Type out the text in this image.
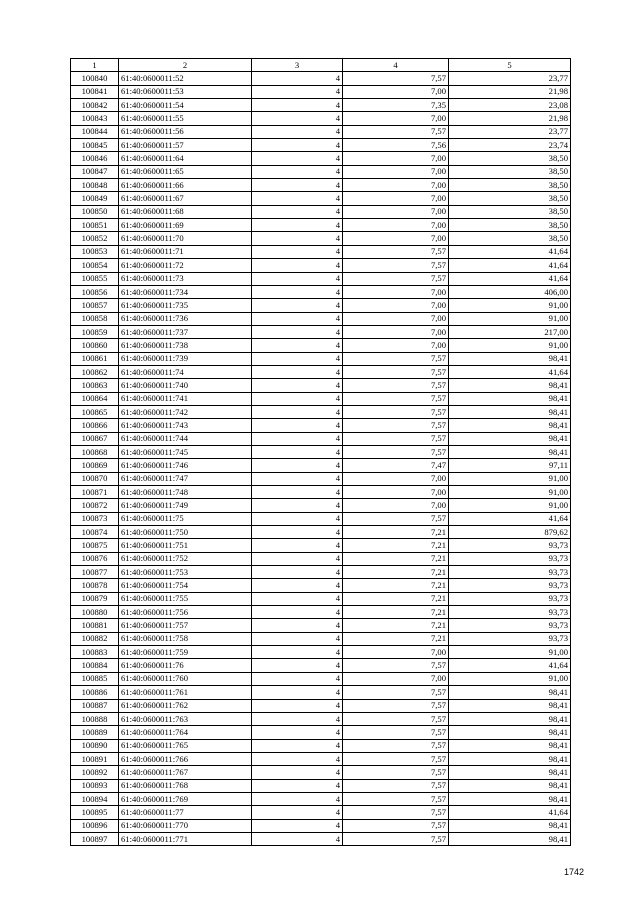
1	2	3	4	5
100840	61:40:0600011:52	4	7,57	23,77
100841	61:40:0600011:53	4	7,00	21,98
100842	61:40:0600011:54	4	7,35	23,08
100843	61:40:0600011:55	4	7,00	21,98
100844	61:40:0600011:56	4	7,57	23,77
100845	61:40:0600011:57	4	7,56	23,74
100846	61:40:0600011:64	4	7,00	38,50
100847	61:40:0600011:65	4	7,00	38,50
100848	61:40:0600011:66	4	7,00	38,50
100849	61:40:0600011:67	4	7,00	38,50
100850	61:40:0600011:68	4	7,00	38,50
100851	61:40:0600011:69	4	7,00	38,50
100852	61:40:0600011:70	4	7,00	38,50
100853	61:40:0600011:71	4	7,57	41,64
100854	61:40:0600011:72	4	7,57	41,64
100855	61:40:0600011:73	4	7,57	41,64
100856	61:40:0600011:734	4	7,00	406,00
100857	61:40:0600011:735	4	7,00	91,00
100858	61:40:0600011:736	4	7,00	91,00
100859	61:40:0600011:737	4	7,00	217,00
100860	61:40:0600011:738	4	7,00	91,00
100861	61:40:0600011:739	4	7,57	98,41
100862	61:40:0600011:74	4	7,57	41,64
100863	61:40:0600011:740	4	7,57	98,41
100864	61:40:0600011:741	4	7,57	98,41
100865	61:40:0600011:742	4	7,57	98,41
100866	61:40:0600011:743	4	7,57	98,41
100867	61:40:0600011:744	4	7,57	98,41
100868	61:40:0600011:745	4	7,57	98,41
100869	61:40:0600011:746	4	7,47	97,11
100870	61:40:0600011:747	4	7,00	91,00
100871	61:40:0600011:748	4	7,00	91,00
100872	61:40:0600011:749	4	7,00	91,00
100873	61:40:0600011:75	4	7,57	41,64
100874	61:40:0600011:750	4	7,21	879,62
100875	61:40:0600011:751	4	7,21	93,73
100876	61:40:0600011:752	4	7,21	93,73
100877	61:40:0600011:753	4	7,21	93,73
100878	61:40:0600011:754	4	7,21	93,73
100879	61:40:0600011:755	4	7,21	93,73
100880	61:40:0600011:756	4	7,21	93,73
100881	61:40:0600011:757	4	7,21	93,73
100882	61:40:0600011:758	4	7,21	93,73
100883	61:40:0600011:759	4	7,00	91,00
100884	61:40:0600011:76	4	7,57	41,64
100885	61:40:0600011:760	4	7,00	91,00
100886	61:40:0600011:761	4	7,57	98,41
100887	61:40:0600011:762	4	7,57	98,41
100888	61:40:0600011:763	4	7,57	98,41
100889	61:40:0600011:764	4	7,57	98,41
100890	61:40:0600011:765	4	7,57	98,41
100891	61:40:0600011:766	4	7,57	98,41
100892	61:40:0600011:767	4	7,57	98,41
100893	61:40:0600011:768	4	7,57	98,41
100894	61:40:0600011:769	4	7,57	98,41
100895	61:40:0600011:77	4	7,57	41,64
100896	61:40:0600011:770	4	7,57	98,41
100897	61:40:0600011:771	4	7,57	98,41
1742
